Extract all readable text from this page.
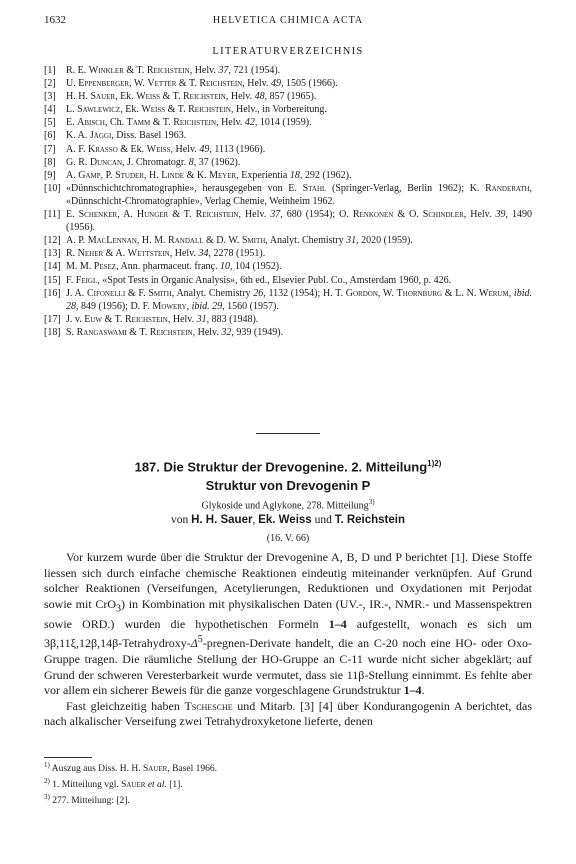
1632	HELVETICA CHIMICA ACTA
LITERATURVERZEICHNIS
[1] R. E. Winkler & T. Reichstein, Helv. 37, 721 (1954).
[2] U. Eppenberger, W. Vetter & T. Reichstein, Helv. 49, 1505 (1966).
[3] H. H. Sauer, Ek. Weiss & T. Reichstein, Helv. 48, 857 (1965).
[4] L. Sawlewicz, Ek. Weiss & T. Reichstein, Helv., in Vorbereitung.
[5] E. Abisch, Ch. Tamm & T. Reichstein, Helv. 42, 1014 (1959).
[6] K. A. Jäggi, Diss. Basel 1963.
[7] A. F. Krasso & Ek. Weiss, Helv. 49, 1113 (1966).
[8] G. R. Duncan, J. Chromatogr. 8, 37 (1962).
[9] A. Gamp, P. Studer, H. Linde & K. Meyer, Experientia 18, 292 (1962).
[10] «Dünnschichtchromatographie», herausgegeben von E. Stahl (Springer-Verlag, Berlin 1962); K. Randerath, «Dünnschicht-Chromatographie», Verlag Chemie, Weinheim 1962.
[11] E. Schenker, A. Hunger & T. Reichstein, Helv. 37, 680 (1954); O. Renkonen & O. Schindler, Helv. 39, 1490 (1956).
[12] A. P. MacLennan, H. M. Randall & D. W. Smith, Analyt. Chemistry 31, 2020 (1959).
[13] R. Neher & A. Wettstein, Helv. 34, 2278 (1951).
[14] M. M. Pesez, Ann. pharmaceut. franç. 10, 104 (1952).
[15] F. Feigl, «Spot Tests in Organic Analysis», 6th ed., Elsevier Publ. Co., Amsterdam 1960, p. 426.
[16] J. A. Cifonelli & F. Smith, Analyt. Chemistry 26, 1132 (1954); H. T. Gordon, W. Thornburg & L. N. Werum, ibid. 28, 849 (1956); D. F. Mowery, ibid. 29, 1560 (1957).
[17] J. v. Euw & T. Reichstein, Helv. 31, 883 (1948).
[18] S. Rangaswami & T. Reichstein, Helv. 32, 939 (1949).
187. Die Struktur der Drevogenine. 2. Mitteilung$^{1)2)}$
Struktur von Drevogenin P
Glykoside und Aglykone, 278. Mitteilung$^{3)}$
von H. H. Sauer, Ek. Weiss und T. Reichstein
(16. V. 66)

Vor kurzem wurde über die Struktur der Drevogenine A, B, D und P berichtet [1]. Diese Stoffe liessen sich durch einfache chemische Reaktionen eindeutig miteinander verknüpfen. Auf Grund solcher Reaktionen (Verseifungen, Acetylierungen, Reduktionen und Oxydationen mit Perjodat sowie mit CrO$_3$) in Kombination mit physikalischen Daten (UV.-, IR.-, NMR.- und Massenspektren sowie ORD.) wurden die hypothetischen Formeln 1–4 aufgestellt, wonach es sich um $3\beta,11\xi,12\beta,14\beta-Tetrahydroxy-\Delta^5-pregnen$-Derivate handelt, die an C-20 noch eine HO- oder Oxo-Gruppe tragen. Die räumliche Stellung der HO-Gruppe an C-11 wurde nicht sicher abgeklärt; auf Grund der schweren Veresterbarkeit wurde vermutet, dass sie 11β-Stellung einnimmt. Es fehlte aber vor allem ein sicherer Beweis für die ganze vorgeschlagene Grundstruktur 1–4.

Fast gleichzeitig haben Tschesche und Mitarb. [3] [4] über Kondurangogenin A berichtet, das nach alkalischer Verseifung zwei Tetrahydroxyketone lieferte, denen

$^{1)}$ Auszug aus Diss. H. H. Sauer, Basel 1966.
$^{2)}$ 1. Mitteilung vgl. Sauer et al. [1].
$^{3)}$ 277. Mitteilung: [2].
